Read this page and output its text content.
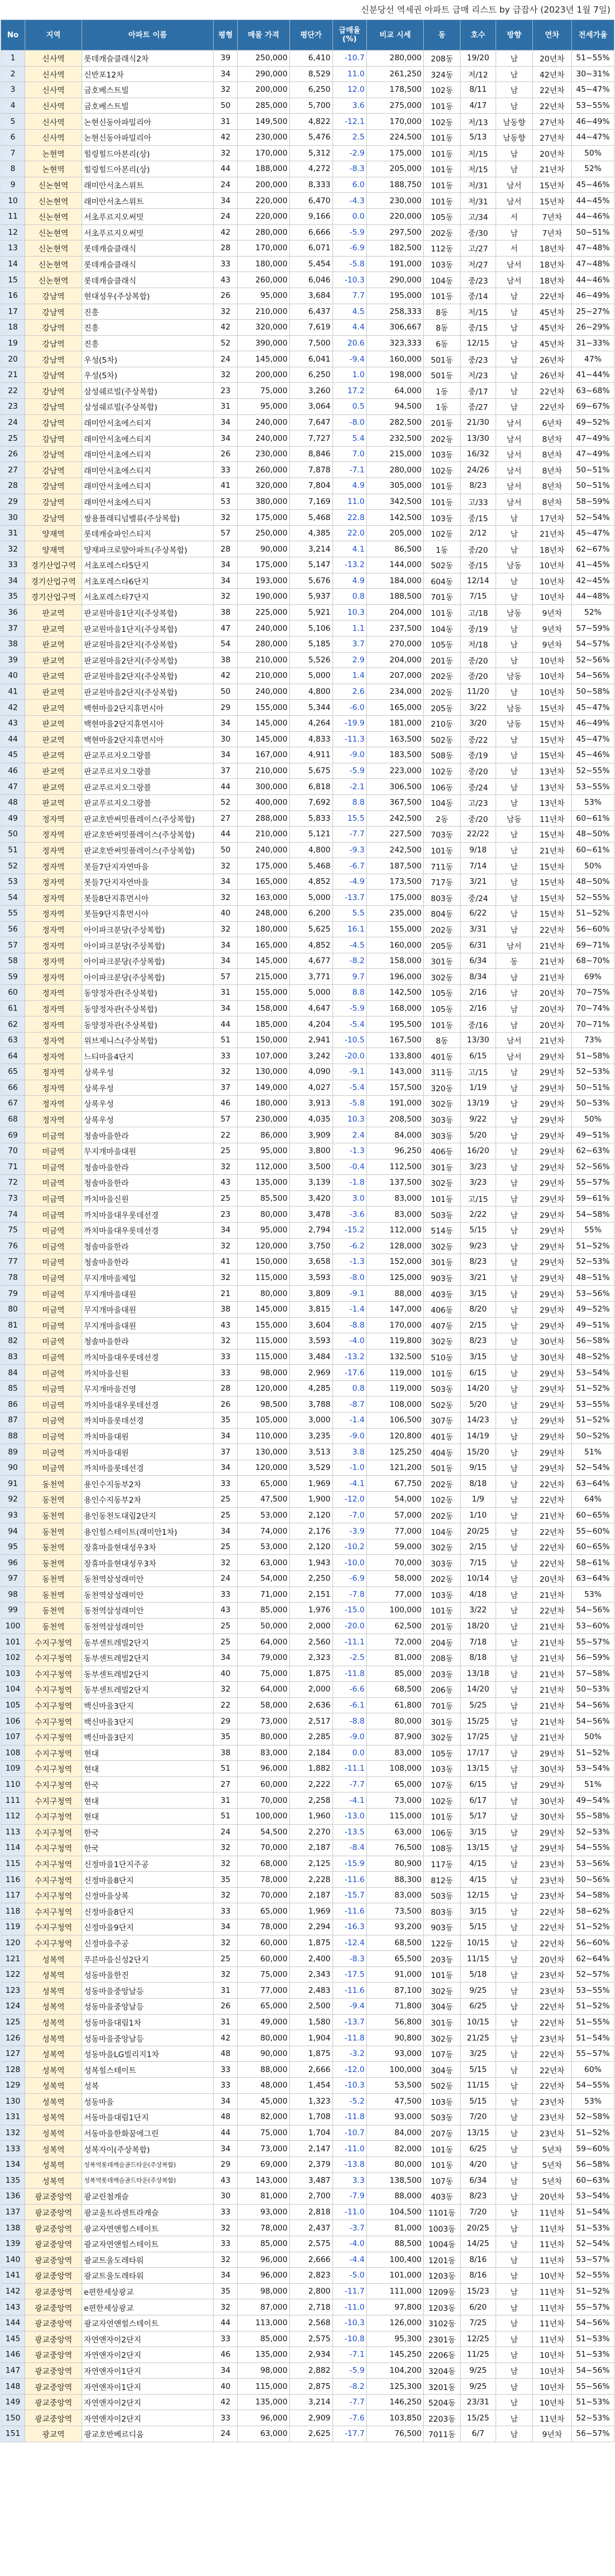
신분당선 역세권 아파트 급매 리스트 by 급잡사 (2023년 1월 7일)
No	지역	아파트 이름	평형	매물 가격	평단가	급매율(%)	비교 시세	동	호수	방향	연차	전세가율
1	신사역	롯데캐슬클래식2차	39	250,000	6,410	-10.7	280,000	208동	19/20	남	20년차	51~55%
2	신사역	신반포12차	34	290,000	8,529	11.0	261,250	324동	저/12	남	42년차	30~31%
3	신사역	금호베스트빌	32	200,000	6,250	12.0	178,500	102동	8/11	남	22년차	45~47%
4	신사역	금호베스트빌	50	285,000	5,700	3.6	275,000	101동	4/17	남	22년차	53~55%
5	신사역	논현신동아파밀리아	31	149,500	4,822	-12.1	170,000	102동	저/13	남동향	27년차	46~49%
6	신사역	논현신동아파밀리아	42	230,000	5,476	2.5	224,500	101동	5/13	남동향	27년차	44~47%
7	논현역	힐링힐드아본리(상)	32	170,000	5,312	-2.9	175,000	101동	저/15	남	20년차	50%
8	논현역	힐링힐드아본리(상)	44	188,000	4,272	-8.3	205,000	101동	저/15	남	21년차	52%
9	신논현역	래미안서초스위트	24	200,000	8,333	6.0	188,750	101동	저/31	남서	15년차	45~46%
10	신논현역	래미안서초스위트	34	220,000	6,470	-4.3	230,000	101동	저/31	남서	15년차	44~45%
11	신논현역	서초푸르지오써밋	24	220,000	9,166	0.0	220,000	105동	고/34	서	7년차	44~46%
12	신논현역	서초푸르지오써밋	42	280,000	6,666	-5.9	297,500	202동	중/30	남	7년차	50~51%
13	신논현역	롯데캐슬클래식	28	170,000	6,071	-6.9	182,500	112동	고/27	서	18년차	47~48%
14	신논현역	롯데캐슬클래식	33	180,000	5,454	-5.8	191,000	103동	저/27	남서	18년차	47~48%
15	신논현역	롯데캐슬클래식	43	260,000	6,046	-10.3	290,000	104동	중/23	남서	18년차	44~46%
16	강남역	현대성우(주상복합)	26	95,000	3,684	7.7	195,000	101동	중/14	남	22년차	46~49%
17	강남역	진흥	32	210,000	6,437	4.5	258,333	8동	저/15	남	45년차	25~27%
18	강남역	진흥	42	320,000	7,619	4.4	306,667	8동	중/15	남	45년차	26~29%
19	강남역	진흥	52	390,000	7,500	20.6	323,333	6동	12/15	남	45년차	31~33%
20	강남역	우성(5차)	24	145,000	6,041	-9.4	160,000	501동	중/23	남	26년차	47%
21	강남역	우성(5차)	32	200,000	6,250	1.0	198,000	501동	저/23	남	26년차	41~44%
22	강남역	삼성쉐르빌(주상복합)	23	75,000	3,260	17.2	64,000	1동	중/17	남	22년차	63~68%
23	강남역	삼성쉐르빌(주상복합)	31	95,000	3,064	0.5	94,500	1동	중/27	남	22년차	69~67%
24	강남역	래미안서초에스티지	34	240,000	7,647	-8.0	282,500	201동	21/30	남서	6년차	49~52%
25	강남역	래미안서초에스티지	34	240,000	7,727	5.4	232,500	202동	13/30	남서	8년차	47~49%
26	강남역	래미안서초에스티지	26	230,000	8,846	7.0	215,000	103동	16/32	남서	8년차	47~49%
27	강남역	래미안서초에스티지	33	260,000	7,878	-7.1	280,000	102동	24/26	남서	8년차	50~51%
28	강남역	래미안서초에스티지	41	320,000	7,804	4.9	305,000	101동	8/23	남서	8년차	50~51%
29	강남역	래미안서초에스티지	53	380,000	7,169	11.0	342,500	101동	고/33	남서	8년차	58~59%
30	강남역	쌍용플래티넘밸류(주상복합)	32	175,000	5,468	22.8	142,500	103동	중/15	남	17년차	52~54%
31	양재역	롯데캐슬파인스티지	57	250,000	4,385	22.0	205,000	102동	2/12	남	21년차	45~47%
32	양재역	양재파크로얄아파트(주상복합)	28	90,000	3,214	4.1	86,500	1동	중/20	남	18년차	62~67%
33	경기산업구역	서초포레스타5단지	34	175,000	5,147	-13.2	144,000	502동	중/15	남동	10년차	41~45%
34	경기산업구역	서초포레스타6단지	34	193,000	5,676	4.9	184,000	604동	12/14	남	10년차	42~45%
35	경기산업구역	서초포레스타7단지	32	190,000	5,937	0.8	188,500	701동	7/15	남	10년차	44~48%
36	판교역	판교원마을1단지(주상복합)	38	225,000	5,921	10.3	204,000	101동	고/18	남동	9년차	52%
37	판교역	판교원마을1단지(주상복합)	47	240,000	5,106	1.1	237,500	104동	중/19	남	9년차	57~59%
38	판교역	판교원마을2단지(주상복합)	54	280,000	5,185	3.7	270,000	105동	저/18	남	9년차	54~57%
39	판교역	판교원마을2단지(주상복합)	38	210,000	5,526	2.9	204,000	201동	중/20	남	10년차	52~56%
40	판교역	판교원마을2단지(주상복합)	42	210,000	5,000	1.4	207,000	202동	중/20	남동	10년차	54~56%
41	판교역	판교원마을2단지(주상복합)	50	240,000	4,800	2.6	234,000	202동	11/20	남	10년차	50~58%
42	판교역	백현마을2단지휴먼시아	29	155,000	5,344	-6.0	165,000	205동	3/22	남동	15년차	45~47%
43	판교역	백현마을2단지휴먼시아	34	145,000	4,264	-19.9	181,000	210동	3/20	남동	15년차	46~49%
44	판교역	백현마을2단지휴먼시아	30	145,000	4,833	-11.3	163,500	502동	중/22	남	15년차	45~47%
45	판교역	판교푸르지오그랑블	34	167,000	4,911	-9.0	183,500	508동	중/19	남	15년차	45~46%
46	판교역	판교푸르지오그랑블	37	210,000	5,675	-5.9	223,000	102동	중/20	남	13년차	52~55%
47	판교역	판교푸르지오그랑블	44	300,000	6,818	-2.1	306,500	106동	중/24	남	13년차	53~55%
48	판교역	판교푸르지오그랑블	52	400,000	7,692	8.8	367,500	104동	고/23	남	13년차	53%
49	정자역	판교호반써밋플레이스(주상복합)	27	288,000	5,833	15.5	242,500	2동	중/20	남동	11년차	60~61%
50	정자역	판교호반써밋플레이스(주상복합)	44	210,000	5,121	-7.7	227,500	703동	22/22	남	15년차	48~50%
51	정자역	판교호반써밋플레이스(주상복합)	50	240,000	4,800	-9.3	242,500	101동	9/18	남	21년차	60~61%
52	정자역	봇들7단지자연마을	32	175,000	5,468	-6.7	187,500	711동	7/14	남	15년차	50%
53	정자역	봇들7단지자연마을	34	165,000	4,852	-4.9	173,500	717동	3/21	남	15년차	48~50%
54	정자역	봇들8단지휴먼시아	32	163,000	5,000	-13.7	175,000	803동	중/24	남	15년차	52~55%
55	정자역	봇들9단지휴먼시아	40	248,000	6,200	5.5	235,000	804동	6/22	남	15년차	51~52%
56	정자역	아이파크분당(주상복합)	32	180,000	5,625	16.1	155,000	202동	3/31	남	22년차	56~60%
57	정자역	아이파크분당(주상복합)	34	165,000	4,852	-4.5	160,000	205동	6/31	남서	21년차	69~71%
58	정자역	아이파크분당(주상복합)	34	145,000	4,677	-8.2	158,000	301동	6/34	동	21년차	68~70%
59	정자역	아이파크분당(주상복합)	57	215,000	3,771	9.7	196,000	302동	8/34	남	21년차	69%
60	정자역	동양정자관(주상복합)	31	155,000	5,000	8.8	142,500	105동	2/16	남	20년차	70~75%
61	정자역	동양정자관(주상복합)	34	158,000	4,647	-5.9	168,000	105동	2/16	남	20년차	70~74%
62	정자역	동양정자관(주상복합)	44	185,000	4,204	-5.4	195,500	101동	중/16	남	20년차	70~71%
63	정자역	위브제니스(주상복합)	51	150,000	2,941	-10.5	167,500	8동	13/30	남서	21년차	73%
64	정자역	느티마을4단지	33	107,000	3,242	-20.0	133,800	401동	6/15	남서	29년차	51~58%
65	정자역	상록우성	32	130,000	4,090	-9.1	143,000	311동	고/15	남	29년차	52~53%
66	정자역	상록우성	37	149,000	4,027	-5.4	157,500	320동	1/19	남	29년차	50~51%
67	정자역	상록우성	46	180,000	3,913	-5.8	191,000	302동	13/19	남	29년차	50~53%
68	정자역	상록우성	57	230,000	4,035	10.3	208,500	303동	9/22	남	29년차	50%
69	미금역	청솔마을한라	22	86,000	3,909	2.4	84,000	303동	5/20	남	29년차	49~51%
70	미금역	무지개마을대원	25	95,000	3,800	-1.3	96,250	406동	16/20	남	29년차	62~63%
71	미금역	청솔마을한라	32	112,000	3,500	-0.4	112,500	301동	3/23	남	29년차	52~56%
72	미금역	청솔마을한라	43	135,000	3,139	-1.8	137,500	302동	3/23	남	29년차	55~57%
73	미금역	까치마을신원	25	85,500	3,420	3.0	83,000	101동	고/15	남	29년차	59~61%
74	미금역	까치마을대우롯데선경	23	80,000	3,478	-3.6	83,000	503동	2/22	남	29년차	54~58%
75	미금역	까치마을대우롯데선경	34	95,000	2,794	-15.2	112,000	514동	5/15	남	29년차	55%
76	미금역	청솔마을한라	32	120,000	3,750	-6.2	128,000	302동	9/23	남	29년차	51~52%
77	미금역	청솔마을한라	41	150,000	3,658	-1.3	152,000	301동	8/23	남	29년차	52~53%
78	미금역	무지개마을제일	32	115,000	3,593	-8.0	125,000	903동	3/21	남	29년차	48~51%
79	미금역	무지개마을대원	21	80,000	3,809	-9.1	88,000	403동	3/15	남	29년차	53~56%
80	미금역	무지개마을대원	38	145,000	3,815	-1.4	147,000	406동	8/20	남	29년차	49~52%
81	미금역	무지개마을대원	43	155,000	3,604	-8.8	170,000	407동	2/15	남	29년차	49~51%
82	미금역	청솔마을한라	32	115,000	3,593	-4.0	119,800	302동	8/23	남	30년차	56~58%
83	미금역	까치마을대우롯데선경	33	115,000	3,484	-13.2	132,500	510동	3/15	남	30년차	48~52%
84	미금역	까치마을신원	33	98,000	2,969	-17.6	119,000	101동	6/15	남	29년차	53~54%
85	미금역	무지개마을건영	28	120,000	4,285	0.8	119,000	503동	14/20	남	29년차	51~52%
86	미금역	까치마을대우롯데선경	26	98,500	3,788	-8.7	108,000	502동	5/20	남	29년차	53~55%
87	미금역	까치마을롯데선경	35	105,000	3,000	-1.4	106,500	307동	14/23	남	29년차	51~52%
88	미금역	까치마을대원	34	110,000	3,235	-9.0	120,800	401동	14/19	남	29년차	50~52%
89	미금역	까치마을대원	37	130,000	3,513	3.8	125,250	404동	15/20	남	29년차	51%
90	미금역	까치마을롯데선경	34	120,000	3,529	-1.0	121,200	501동	9/15	남	29년차	52~54%
91	동천역	용인수지동부2차	33	65,000	1,969	-4.1	67,750	202동	8/18	남	22년차	63~64%
92	동천역	용인수지동부2차	25	47,500	1,900	-12.0	54,000	102동	1/9	남	22년차	64%
93	동천역	용인동천도대림2단지	25	53,000	2,120	-7.0	57,000	202동	1/10	남	21년차	60~65%
94	동천역	용인힐스테이트(래미안1차)	34	74,000	2,176	-3.9	77,000	104동	20/25	남	22년차	55~60%
95	동천역	장휴마을현대성우3차	25	53,000	2,120	-10.2	59,000	302동	2/15	남	22년차	60~65%
96	동천역	장휴마을현대성우3차	32	63,000	1,943	-10.0	70,000	303동	7/15	남	22년차	58~61%
97	동천역	동천역삼성래미안	24	54,000	2,250	-6.9	58,000	202동	10/14	남	20년차	63~64%
98	동천역	동천역삼성래미안	33	71,000	2,151	-7.8	77,000	103동	4/18	남	21년차	53%
99	동천역	동천역삼성래미안	43	85,000	1,976	-15.0	100,000	101동	3/22	남	22년차	54~56%
100	동천역	동천역삼성래미안	25	50,000	2,000	-20.0	62,500	201동	18/20	남	21년차	53~60%
101	수지구청역	동부센트레빌2단지	25	64,000	2,560	-11.1	72,000	204동	7/18	남	21년차	55~57%
102	수지구청역	동부센트레빌2단지	34	79,000	2,323	-2.5	81,000	208동	8/18	남	21년차	56~59%
103	수지구청역	동부센트레빌2단지	40	75,000	1,875	-11.8	85,000	203동	13/18	남	21년차	57~58%
104	수지구청역	동부센트레빌2단지	32	64,000	2,000	-6.6	68,500	206동	14/20	남	21년차	50~53%
105	수지구청역	백신마을3단지	22	58,000	2,636	-6.1	61,800	701동	5/25	남	21년차	54~56%
106	수지구청역	백신마을3단지	29	73,000	2,517	-8.8	80,000	301동	15/25	남	21년차	54~56%
107	수지구청역	백신마을3단지	35	80,000	2,285	-9.0	87,900	302동	17/25	남	21년차	50%
108	수지구청역	현대	38	83,000	2,184	0.0	83,000	105동	17/17	남	29년차	51~52%
109	수지구청역	현대	51	96,000	1,882	-11.1	108,000	103동	13/15	남	30년차	53~54%
110	수지구청역	한국	27	60,000	2,222	-7.7	65,000	107동	6/15	남	29년차	51%
111	수지구청역	현대	31	70,000	2,258	-4.1	73,000	102동	6/17	남	30년차	49~54%
112	수지구청역	현대	51	100,000	1,960	-13.0	115,000	101동	5/17	남	30년차	55~58%
113	수지구청역	한국	24	54,500	2,270	-13.5	63,000	106동	3/15	남	29년차	52~53%
114	수지구청역	한국	32	70,000	2,187	-8.4	76,500	108동	13/15	남	29년차	54~55%
115	수지구청역	신정마을1단지주공	32	68,000	2,125	-15.9	80,900	117동	4/15	남	23년차	53~56%
116	수지구청역	신정마을8단지	35	78,000	2,228	-11.6	88,300	812동	4/15	남	23년차	50~56%
117	수지구청역	신정마을상록	32	70,000	2,187	-15.7	83,000	503동	12/15	남	23년차	54~58%
118	수지구청역	신정마을8단지	33	65,000	1,969	-11.6	73,500	803동	3/15	남	22년차	58~62%
119	수지구청역	신정마을9단지	34	78,000	2,294	-16.3	93,200	903동	5/15	남	22년차	51~52%
120	수지구청역	신정마을주공	32	60,000	1,875	-12.4	68,500	122동	10/15	남	22년차	56~60%
121	성복역	푸른마을신성2단지	25	60,000	2,400	-8.3	65,500	203동	11/15	남	20년차	62~64%
122	성복역	성동마을한진	32	75,000	2,343	-17.5	91,000	101동	5/18	남	23년차	52~57%
123	성복역	성동마을중앙날등	31	77,000	2,483	-11.6	87,100	302동	9/25	남	23년차	53~55%
124	성복역	성동마을중앙날등	26	65,000	2,500	-9.4	71,800	304동	6/25	남	22년차	51~52%
125	성복역	성동마을대림1차	31	49,000	1,580	-13.7	56,800	301동	10/15	남	22년차	51~55%
126	성복역	성동마을중앙날등	42	80,000	1,904	-11.8	90,800	302동	21/25	남	23년차	51~54%
127	성복역	성동마을LG빌리지1차	48	90,000	1,875	-3.2	93,000	107동	3/25	남	22년차	55~57%
128	성복역	성복힐스테이트	33	88,000	2,666	-12.0	100,000	304동	5/15	남	22년차	60%
129	성복역	성복	33	48,000	1,454	-10.3	53,500	502동	11/15	남	22년차	54~55%
130	성복역	성동마을	34	45,000	1,323	-5.2	47,500	103동	5/15	남	23년차	53%
131	성복역	서동마을대림1단지	48	82,000	1,708	-11.8	93,000	503동	7/20	남	23년차	52~58%
132	성복역	서동마을한화꿈에그린	44	75,000	1,704	-10.7	84,000	207동	13/15	남	23년차	51~52%
133	성복역	성복자이(주상복합)	34	73,000	2,147	-11.0	82,000	101동	6/25	남	5년차	59~60%
134	성복역	성복역롯데캐슬골드타운(주상복합)	29	69,000	2,379	-13.8	80,000	101동	4/20	남	5년차	56~58%
135	성복역	성복역롯데캐슬골드타운(주상복합)	43	143,000	3,487	3.3	138,500	107동	6/34	남	5년차	60~63%
136	광교중앙역	광교린첨캐슬	30	81,000	2,700	-7.9	88,000	403동	8/23	남	20년차	53~54%
137	광교중앙역	광교울트라센트라캐슬	33	93,000	2,818	-11.0	104,500	1101동	7/20	남	11년차	51~54%
138	광교중앙역	광교자연앤힐스테이트	32	78,000	2,437	-3.7	81,000	1003동	20/25	남	11년차	51~53%
139	광교중앙역	광교자연앤힐스테이트	33	85,000	2,575	-4.0	88,500	1004동	14/25	남	11년차	52~54%
140	광교중앙역	광교트울도레타워	32	96,000	2,666	-4.4	100,400	1201동	8/16	남	11년차	53~57%
141	광교중앙역	광교트울도레타워	34	96,000	2,823	-5.0	101,000	1203동	8/16	남	10년차	52~55%
142	광교중앙역	e편한세상광교	35	98,000	2,800	-11.7	111,000	1209동	15/23	남	11년차	51~52%
143	광교중앙역	e편한세상광교	32	87,000	2,718	-11.0	97,800	1203동	6/20	남	11년차	55~57%
144	광교중앙역	광교자연앤힐스테이트	44	113,000	2,568	-10.3	126,000	3102동	7/25	남	11년차	54~56%
145	광교중앙역	자연앤자이2단지	33	85,000	2,575	-10.8	95,300	2301동	12/25	남	11년차	51~53%
146	광교중앙역	자연앤자이2단지	46	135,000	2,934	-7.1	145,250	2206동	11/25	남	10년차	51~53%
147	광교중앙역	자연앤자이1단지	34	98,000	2,882	-5.9	104,200	3204동	9/25	남	10년차	54~56%
148	광교중앙역	자연앤자이1단지	40	115,000	2,875	-8.2	125,300	3201동	9/25	남	10년차	55~56%
149	광교중앙역	자연앤자이2단지	42	135,000	3,214	-7.7	146,250	5204동	23/31	남	10년차	51~53%
150	광교중앙역	자연앤자이2단지	33	96,000	2,909	-7.6	103,850	2203동	15/25	남	11년차	52~53%
151	광교역	광교호반베르디움	24	63,000	2,625	-17.7	76,500	7011동	6/7	남	9년차	56~57%
